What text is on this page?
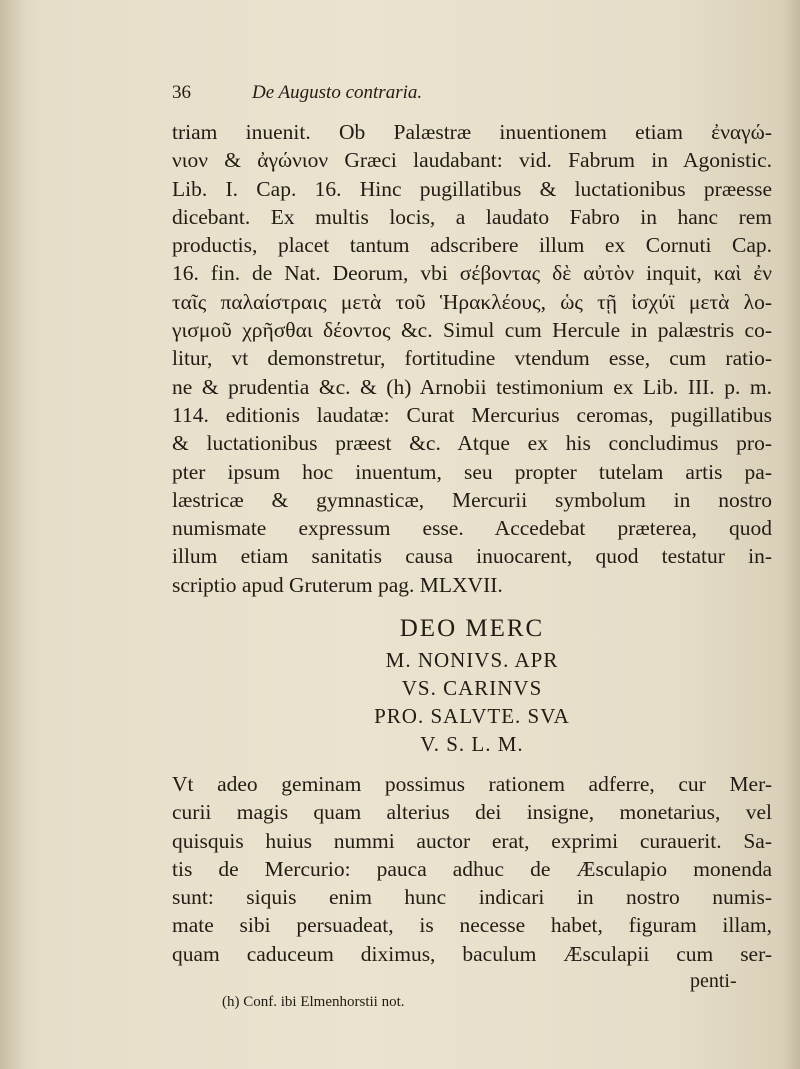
36	De Augusto contraria.
triam inuenit. Ob Palæstræ inuentionem etiam ἐναγώ-
νιον & ἀγώνιον Græci laudabant: vid. Fabrum in Agonistic.
Lib. I. Cap. 16. Hinc pugillatibus & luctationibus præesse
dicebant. Ex multis locis, a laudato Fabro in hanc rem
productis, placet tantum adscribere illum ex Cornuti Cap.
16. fin. de Nat. Deorum, vbi σέβοντας δὲ αὐτὸν inquit, καὶ ἐν
ταῖς παλαίστραις μετὰ τοῦ Ἡρακλέους, ὡς τῇ ἰσχύϊ μετὰ λο-
γισμοῦ χρῆσθαι δέοντος &c. Simul cum Hercule in palæstris co-
litur, vt demonstretur, fortitudine vtendum esse, cum ratio-
ne & prudentia &c. & (h) Arnobii testimonium ex Lib. III. p. m.
114. editionis laudatæ: Curat Mercurius ceromas, pugillatibus
& luctationibus præest &c. Atque ex his concludimus pro-
pter ipsum hoc inuentum, seu propter tutelam artis pa-
læstricæ & gymnasticæ, Mercurii symbolum in nostro
numismate expressum esse. Accedebat præterea, quod
illum etiam sanitatis causa inuocarent, quod testatur in-
scriptio apud Gruterum pag. MLXVII.
DEO MERC
M. NONIVS. APR
VS. CARINVS
PRO. SALVTE. SVA
V. S. L. M.
Vt adeo geminam possimus rationem adferre, cur Mer-
curii magis quam alterius dei insigne, monetarius, vel
quisquis huius nummi auctor erat, exprimi curauerit. Sa-
tis de Mercurio: pauca adhuc de Æsculapio monenda
sunt: siquis enim hunc indicari in nostro numis-
mate sibi persuadeat, is necesse habet, figuram illam,
quam caduceum diximus, baculum Æsculapii cum ser-
penti-
(h) Conf. ibi Elmenhorstii not.
